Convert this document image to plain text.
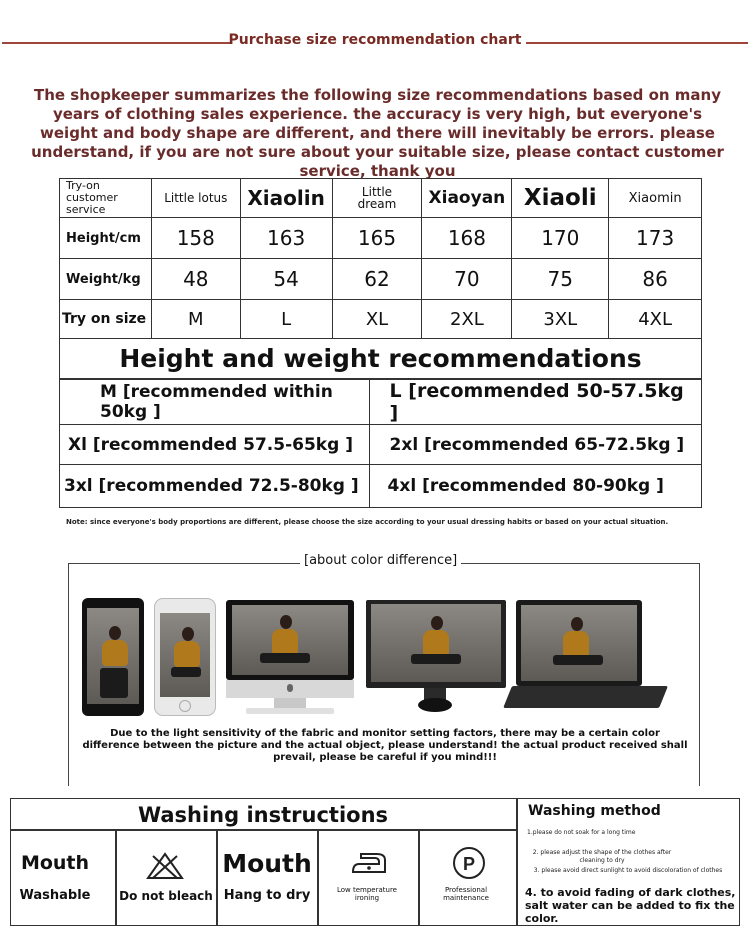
Purchase size recommendation chart
The shopkeeper summarizes the following size recommendations based on many years of clothing sales experience. the accuracy is very high, but everyone's weight and body shape are different, and there will inevitably be errors. please understand, if you are not sure about your suitable size, please contact customer service, thank you
Try-on customer service	Little lotus	Xiaolin	Little dream	Xiaoyan	Xiaoli	Xiaomin
Height/cm	158	163	165	168	170	173
Weight/kg	48	54	62	70	75	86
Try on size	M	L	XL	2XL	3XL	4XL
Height and weight recommendations
M [recommended within 50kg ]	L [recommended 50-57.5kg ]
Xl [recommended 57.5-65kg ]	2xl [recommended 65-72.5kg ]
3xl [recommended 72.5-80kg ]	4xl [recommended 80-90kg ]
Note: since everyone's body proportions are different, please choose the size according to your usual dressing habits or based on your actual situation.
[about color difference]
Due to the light sensitivity of the fabric and monitor setting factors, there may be a certain color difference between the picture and the actual object, please understand! the actual product received shall prevail, please be careful if you mind!!!
Washing instructions
Mouth
Washable	Do not bleach
Mouth
Hang to dry	Low temperature ironing
P
Professional maintenance
Washing method
1.please do not soak for a long time
2. please adjust the shape of the clothes after cleaning to dry
3. please avoid direct sunlight to avoid discoloration of clothes
4. to avoid fading of dark clothes, salt water can be added to fix the color.
